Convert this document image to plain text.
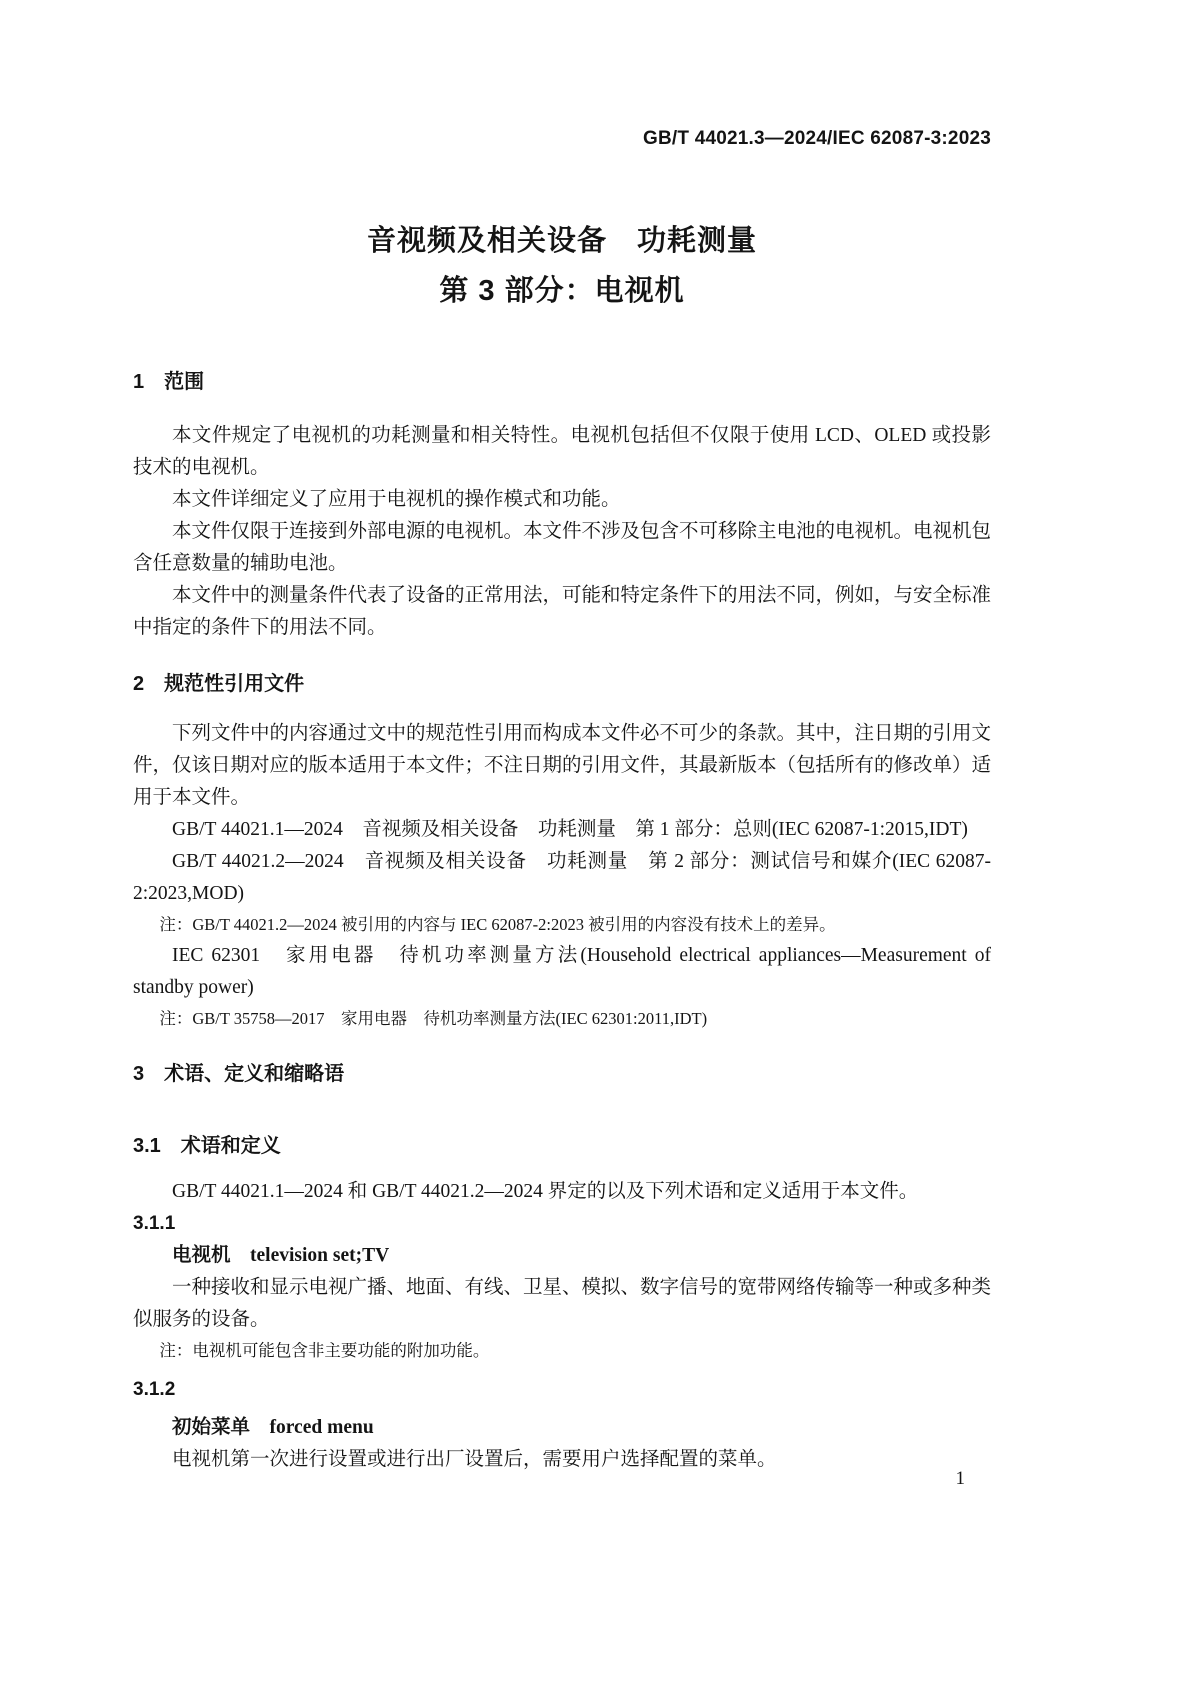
GB/T 44021.3—2024/IEC 62087-3:2023
音视频及相关设备　功耗测量
第 3 部分：电视机
1　范围
本文件规定了电视机的功耗测量和相关特性。电视机包括但不仅限于使用 LCD、OLED 或投影技术的电视机。
本文件详细定义了应用于电视机的操作模式和功能。
本文件仅限于连接到外部电源的电视机。本文件不涉及包含不可移除主电池的电视机。电视机包含任意数量的辅助电池。
本文件中的测量条件代表了设备的正常用法，可能和特定条件下的用法不同，例如，与安全标准中指定的条件下的用法不同。
2　规范性引用文件
下列文件中的内容通过文中的规范性引用而构成本文件必不可少的条款。其中，注日期的引用文件，仅该日期对应的版本适用于本文件；不注日期的引用文件，其最新版本（包括所有的修改单）适用于本文件。
GB/T 44021.1—2024　音视频及相关设备　功耗测量　第 1 部分：总则(IEC 62087-1:2015,IDT)
GB/T 44021.2—2024　音视频及相关设备　功耗测量　第 2 部分：测试信号和媒介(IEC 62087-2:2023,MOD)
注：GB/T 44021.2—2024 被引用的内容与 IEC 62087-2:2023 被引用的内容没有技术上的差异。
IEC 62301　家用电器　待机功率测量方法(Household electrical appliances—Measurement of standby power)
注：GB/T 35758—2017　家用电器　待机功率测量方法(IEC 62301:2011,IDT)
3　术语、定义和缩略语
3.1　术语和定义
GB/T 44021.1—2024 和 GB/T 44021.2—2024 界定的以及下列术语和定义适用于本文件。
3.1.1
电视机　television set;TV
一种接收和显示电视广播、地面、有线、卫星、模拟、数字信号的宽带网络传输等一种或多种类似服务的设备。
注：电视机可能包含非主要功能的附加功能。
3.1.2
初始菜单　forced menu
电视机第一次进行设置或进行出厂设置后，需要用户选择配置的菜单。
1
